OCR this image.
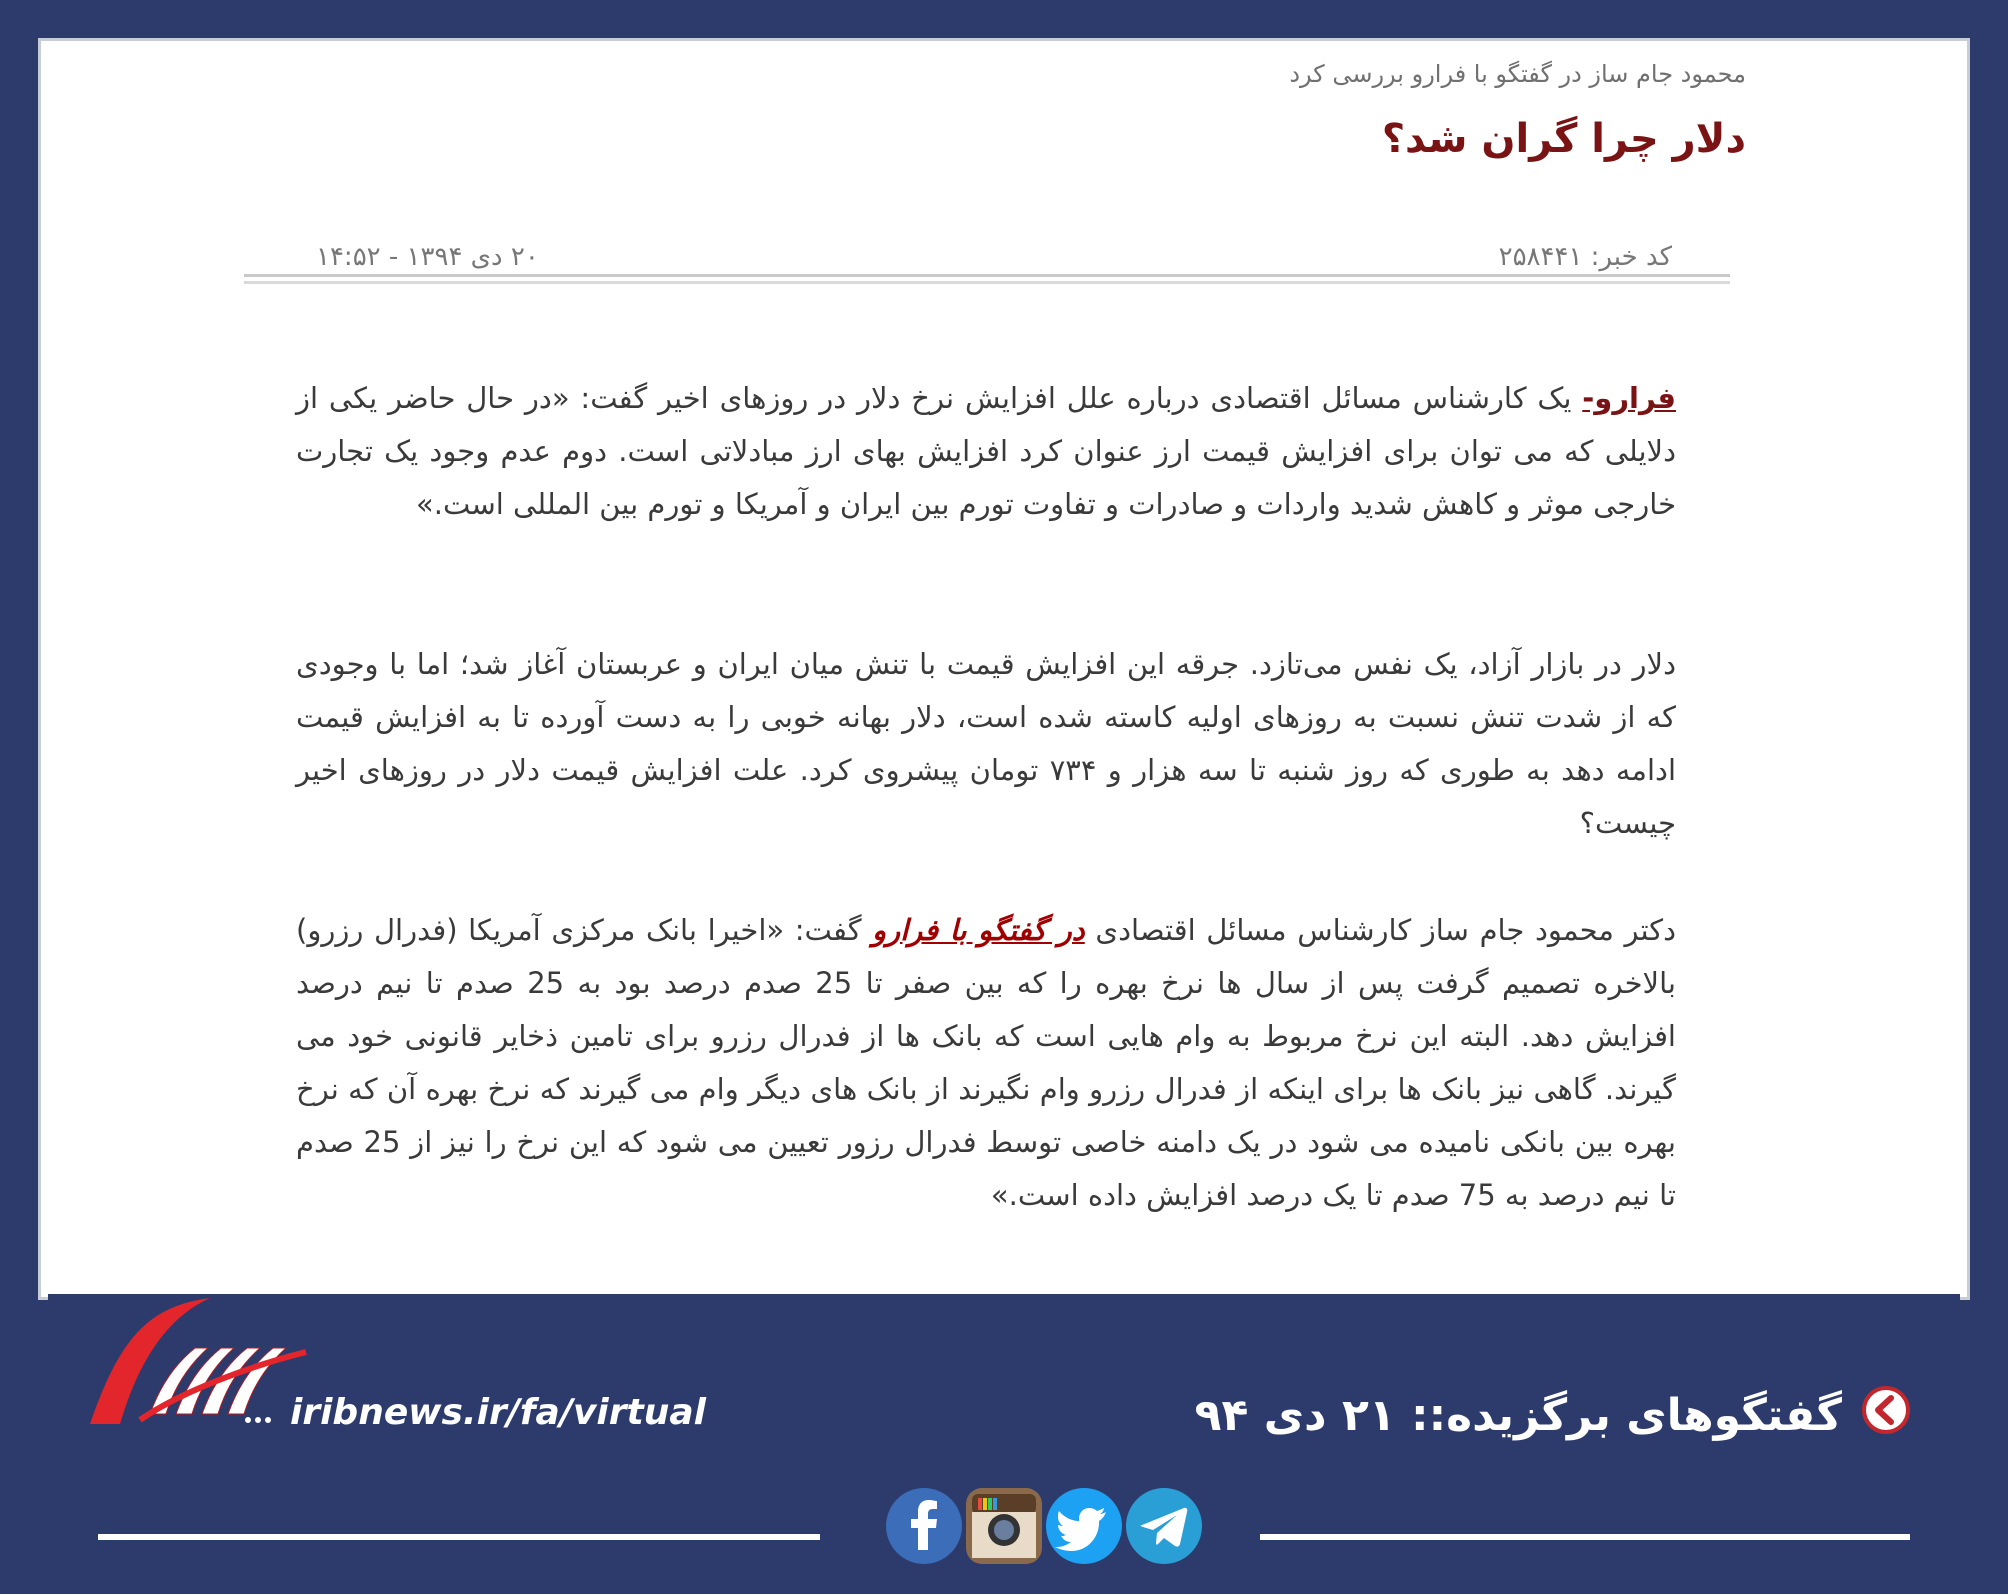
محمود جام ساز در گفتگو با فرارو بررسی کرد
دلار چرا گران شد؟
کد خبر: ۲۵۸۴۴۱
۲۰ دی ۱۳۹۴ - ۱۴:۵۲

فرارو- یک کارشناس مسائل اقتصادی درباره علل افزایش نرخ دلار در روزهای اخیر گفت: «در حال حاضر یکی از دلایلی که می توان برای افزایش قیمت ارز عنوان کرد افزایش بهای ارز مبادلاتی است. دوم عدم وجود یک تجارت خارجی موثر و کاهش شدید واردات و صادرات و تفاوت تورم بین ایران و آمریکا و تورم بین المللی است.»

دلار در بازار آزاد، یک نفس می‌تازد. جرقه این افزایش قیمت با تنش میان ایران و عربستان آغاز شد؛ اما با وجودی که از شدت تنش نسبت به روزهای اولیه کاسته شده است، دلار بهانه خوبی را به دست آورده تا به افزایش قیمت ادامه دهد به طوری که روز شنبه تا سه هزار و ۷۳۴ تومان پیشروی کرد. علت افزایش قیمت دلار در روزهای اخیر چیست؟

دکتر محمود جام ساز کارشناس مسائل اقتصادی در گفتگو با فرارو گفت: «اخیرا بانک مرکزی آمریکا (فدرال رزرو) بالاخره تصمیم گرفت پس از سال ها نرخ بهره را که بین صفر تا 25 صدم درصد بود به 25 صدم تا نیم درصد افزایش دهد. البته این نرخ مربوط به وام هایی است که بانک ها از فدرال رزرو برای تامین ذخایر قانونی خود می گیرند. گاهی نیز بانک ها برای اینکه از فدرال رزرو وام نگیرند از بانک های دیگر وام می گیرند که نرخ بهره آن که نرخ بهره بین بانکی نامیده می شود در یک دامنه خاصی توسط فدرال رزور تعیین می شود که این نرخ را نیز از 25 صدم تا نیم درصد به 75 صدم تا یک درصد افزایش داده است.»

iribnews.ir/fa/virtual	گفتگوهای برگزیده:: ۲۱ دی ۹۴
